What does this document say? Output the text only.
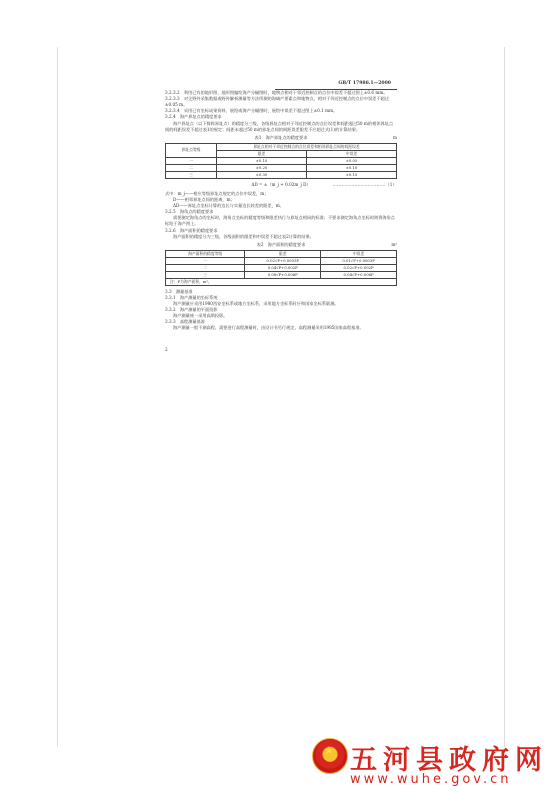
GB/T 17986.1—2000

3.2.3.2　利用已有的地形图、地形图编绘海产分幅图时，地物点相对于邻近控制点的点位中误差不超过图上±0.6 mm。

3.2.3.3　对全野外采集数据或野外解析测量等方法所测的海域产要素点和地物点，相对于邻近控制点的点位中误差不超过±0.05 m。

3.2.3.4　采用已有坐标成果资料，展绘或海产分幅图时，展绘中误差不超过图上±0.1 mm。

3.2.4　海产界址点的精度要求

海产界址点（以下简称界址点）的精度分三级，各级界址点相对于邻近控制点的点位误差和间距超过50 m的相邻界址点间的间距误差不超过表1的规定；间距未超过50 m的界址点间的间距误差限差不应超过式(1)的计算结果。

表1　海产界址点的精度要求	m
界址点等级	界址点相对于邻近控制点的点位误差和相邻界址点间的间距误差	
	限差	中误差
一	±0.10	±0.05
二	±0.20	±0.10
三	±0.30	±0.15
ΔD = ±（m_j + 0.02m_j D）	………………………………（1）

式中：m_j——相应等级界址点规定的点位中误差，m；

D——相邻界址点间的距离，m；

ΔD——界址点坐标计算的边长与实量边长较差的限差，m。

3.2.5　海角点的精度要求

需要测定海角点的坐标时，海角点坐标的精度等级和限差执行与界址点相同的标准；不要求测定海角点坐标时则将海角点标绘于海产图上。

3.2.6　海产面积的精度要求

海产面积的精度分为三级，各级面积的限差和中误差不超过表2计算的结果。

表2　海产面积的精度要求	m²
海产面积的精度等级	限差	中误差
一	0.02√P+0.0003P	0.01√P+0.0003P
二	0.04√P+0.002P	0.02√P+0.002P
三	0.08√P+0.006P	0.04√P+0.006P
注：P为海产面积，m²。		

3.3　测量基准

3.3.1　海产测量的坐标系统

海产测量应采用1980西安坐标系或地方坐标系，采用地方坐标系时应和国家坐标系联测。

3.3.2　海产测量的平面投影

海产测量统一采用高斯投影。

3.3.3　高程测量基准

海产测量一般不测高程，需要进行高程测量时，由设计书另行规定，高程测量采用1985国家高程基准。

2
★
五河县政府网
www.wuhe.gov.cn
